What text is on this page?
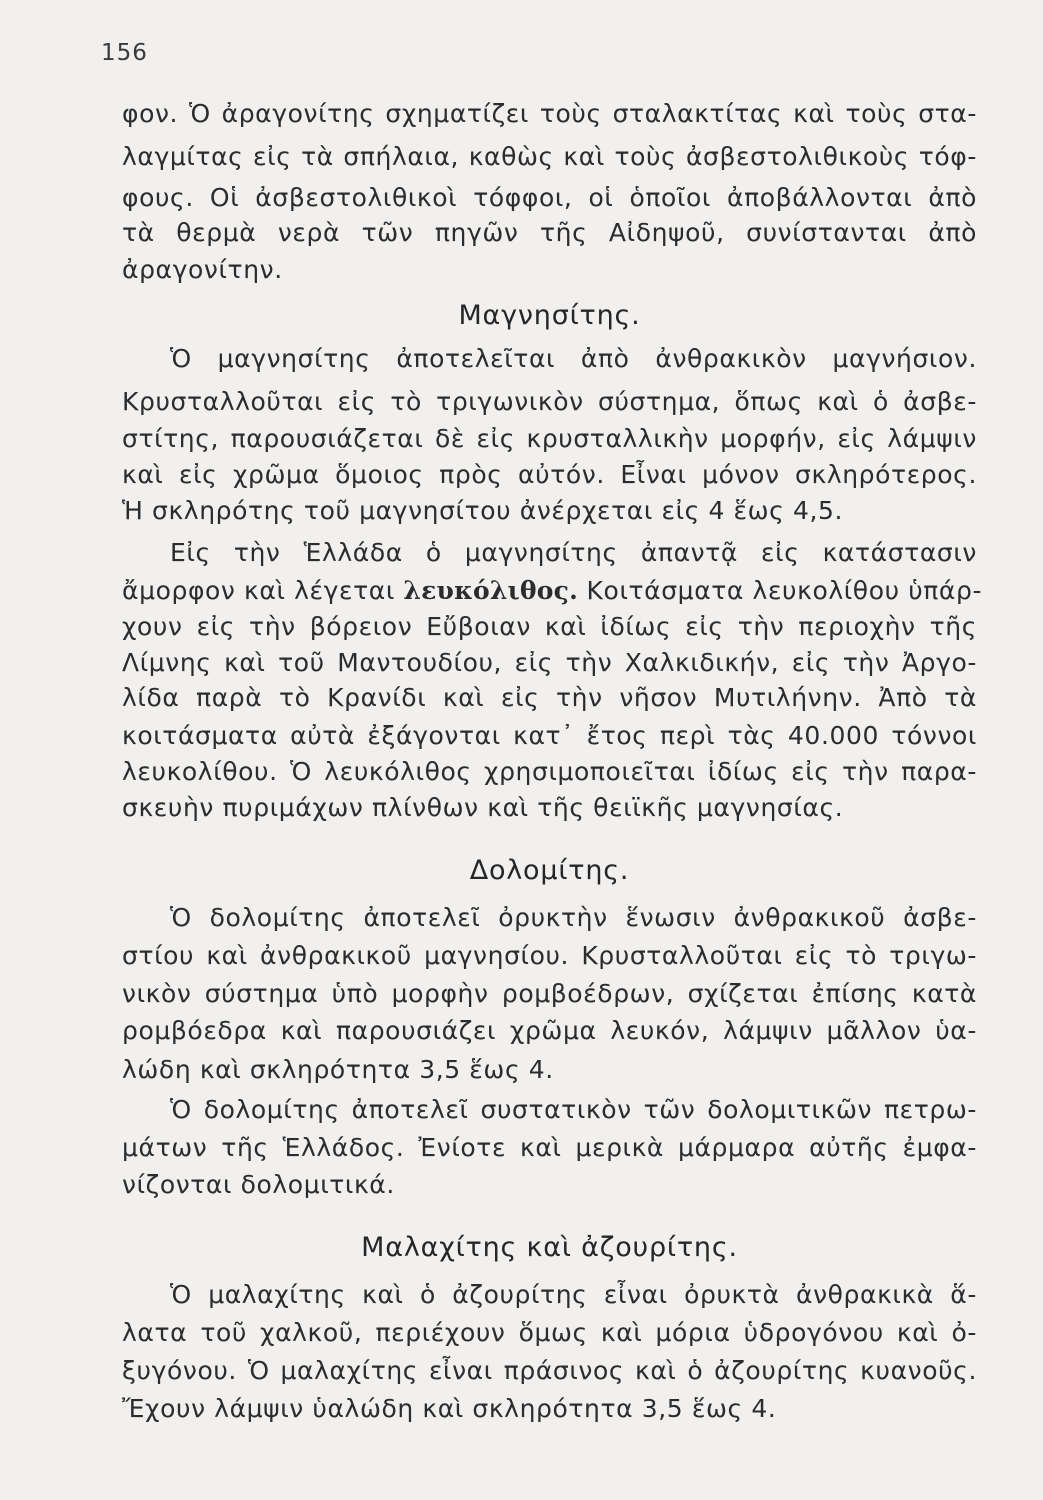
156
φον. Ὁ ἀραγονίτης σχηματίζει τοὺς σταλακτίτας καὶ τοὺς στα-
λαγμίτας εἰς τὰ σπήλαια, καθὼς καὶ τοὺς ἀσβεστολιθικοὺς τόφ-
φους. Οἱ ἀσβεστολιθικοὶ τόφφοι, οἱ ὁποῖοι ἀποβάλλονται ἀπὸ
τὰ θερμὰ νερὰ τῶν πηγῶν τῆς Αἰδηψοῦ, συνίστανται ἀπὸ
ἀραγονίτην.
Μαγνησίτης.
Ὁ μαγνησίτης ἀποτελεῖται ἀπὸ ἀνθρακικὸν μαγνήσιον.
Κρυσταλλοῦται εἰς τὸ τριγωνικὸν σύστημα, ὅπως καὶ ὁ ἀσβε-
στίτης, παρουσιάζεται δὲ εἰς κρυσταλλικὴν μορφήν, εἰς λάμψιν
καὶ εἰς χρῶμα ὅμοιος πρὸς αὐτόν. Εἶναι μόνον σκληρότερος.
Ἡ σκληρότης τοῦ μαγνησίτου ἀνέρχεται εἰς 4 ἕως 4,5.
Εἰς τὴν Ἑλλάδα ὁ μαγνησίτης ἀπαντᾷ εἰς κατάστασιν
ἄμορφον καὶ λέγεται λευκόλιθος. Κοιτάσματα λευκολίθου ὑπάρ-
χουν εἰς τὴν βόρειον Εὔβοιαν καὶ ἰδίως εἰς τὴν περιοχὴν τῆς
Λίμνης καὶ τοῦ Μαντουδίου, εἰς τὴν Χαλκιδικήν, εἰς τὴν Ἀργο-
λίδα παρὰ τὸ Κρανίδι καὶ εἰς τὴν νῆσον Μυτιλήνην. Ἀπὸ τὰ
κοιτάσματα αὐτὰ ἐξάγονται κατ᾿ ἔτος περὶ τὰς 40.000 τόννοι
λευκολίθου. Ὁ λευκόλιθος χρησιμοποιεῖται ἰδίως εἰς τὴν παρα-
σκευὴν πυριμάχων πλίνθων καὶ τῆς θειϊκῆς μαγνησίας.
Δολομίτης.
Ὁ δολομίτης ἀποτελεῖ ὀρυκτὴν ἕνωσιν ἀνθρακικοῦ ἀσβε-
στίου καὶ ἀνθρακικοῦ μαγνησίου. Κρυσταλλοῦται εἰς τὸ τριγω-
νικὸν σύστημα ὑπὸ μορφὴν ρομβοέδρων, σχίζεται ἐπίσης κατὰ
ρομβόεδρα καὶ παρουσιάζει χρῶμα λευκόν, λάμψιν μᾶλλον ὑα-
λώδη καὶ σκληρότητα 3,5 ἕως 4.
Ὁ δολομίτης ἀποτελεῖ συστατικὸν τῶν δολομιτικῶν πετρω-
μάτων τῆς Ἑλλάδος. Ἐνίοτε καὶ μερικὰ μάρμαρα αὐτῆς ἐμφα-
νίζονται δολομιτικά.
Μαλαχίτης καὶ ἀζουρίτης.
Ὁ μαλαχίτης καὶ ὁ ἀζουρίτης εἶναι ὀρυκτὰ ἀνθρακικὰ ἅ-
λατα τοῦ χαλκοῦ, περιέχουν ὅμως καὶ μόρια ὑδρογόνου καὶ ὀ-
ξυγόνου. Ὁ μαλαχίτης εἶναι πράσινος καὶ ὁ ἀζουρίτης κυανοῦς.
Ἔχουν λάμψιν ὑαλώδη καὶ σκληρότητα 3,5 ἕως 4.
